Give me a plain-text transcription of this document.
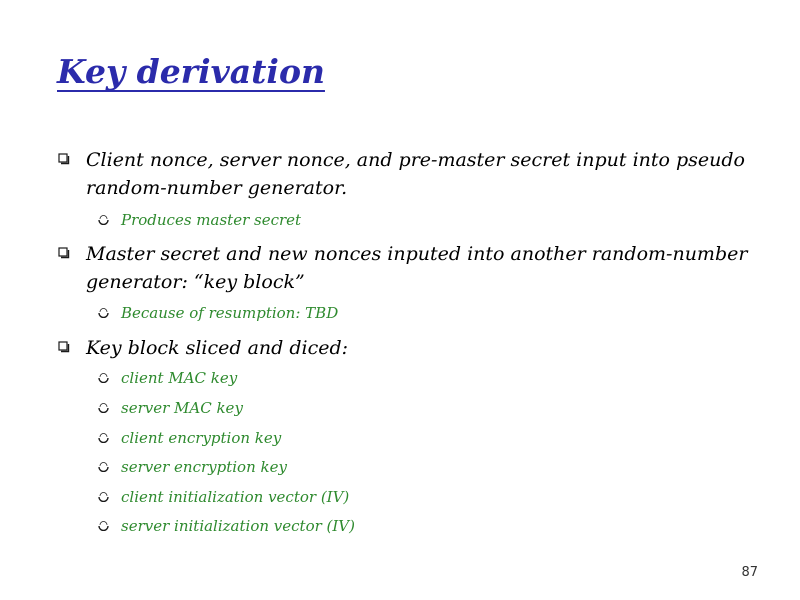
Key derivation
Client nonce, server nonce, and pre-master secret input into pseudo random-number generator.
Produces master secret
Master secret and new nonces inputed into another random-number generator: “key block”
Because of resumption: TBD
Key block sliced and diced:
client MAC key
server MAC key
client encryption key
server encryption key
client initialization vector (IV)
server initialization vector (IV)
87
